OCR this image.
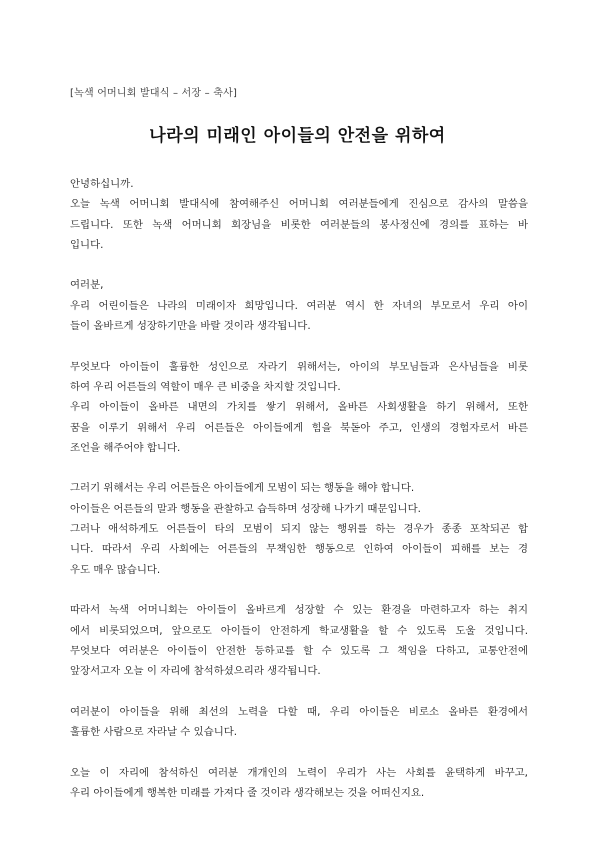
[녹색 어머니회 발대식 – 서장 – 축사]
나라의 미래인 아이들의 안전을 위하여
안녕하십니까.
오늘 녹색 어머니회 발대식에 참여해주신 어머니회 여러분들에게 진심으로 감사의 말씀을
드립니다. 또한 녹색 어머니회 회장님을 비롯한 여러분들의 봉사정신에 경의를 표하는 바
입니다.
여러분,
우리 어린이들은 나라의 미래이자 희망입니다. 여러분 역시 한 자녀의 부모로서 우리 아이
들이 올바르게 성장하기만을 바랄 것이라 생각됩니다.
무엇보다 아이들이 훌륭한 성인으로 자라기 위해서는, 아이의 부모님들과 은사님들을 비롯
하여 우리 어른들의 역할이 매우 큰 비중을 차지할 것입니다.
우리 아이들이 올바른 내면의 가치를 쌓기 위해서, 올바른 사회생활을 하기 위해서, 또한
꿈을 이루기 위해서 우리 어른들은 아이들에게 힘을 북돋아 주고, 인생의 경험자로서 바른
조언을 해주어야 합니다.
그러기 위해서는 우리 어른들은 아이들에게 모범이 되는 행동을 해야 합니다.
아이들은 어른들의 말과 행동을 관찰하고 습득하며 성장해 나가기 때문입니다.
그러나 애석하게도 어른들이 타의 모범이 되지 않는 행위를 하는 경우가 종종 포착되곤 합
니다. 따라서 우리 사회에는 어른들의 무책임한 행동으로 인하여 아이들이 피해를 보는 경
우도 매우 많습니다.
따라서 녹색 어머니회는 아이들이 올바르게 성장할 수 있는 환경을 마련하고자 하는 취지
에서 비롯되었으며, 앞으로도 아이들이 안전하게 학교생활을 할 수 있도록 도울 것입니다.
무엇보다 여러분은 아이들이 안전한 등하교를 할 수 있도록 그 책임을 다하고, 교통안전에
앞장서고자 오늘 이 자리에 참석하셨으리라 생각됩니다.
여러분이 아이들을 위해 최선의 노력을 다할 때, 우리 아이들은 비로소 올바른 환경에서
훌륭한 사람으로 자라날 수 있습니다.
오늘 이 자리에 참석하신 여러분 개개인의 노력이 우리가 사는 사회를 윤택하게 바꾸고,
우리 아이들에게 행복한 미래를 가져다 줄 것이라 생각해보는 것을 어떠신지요.
